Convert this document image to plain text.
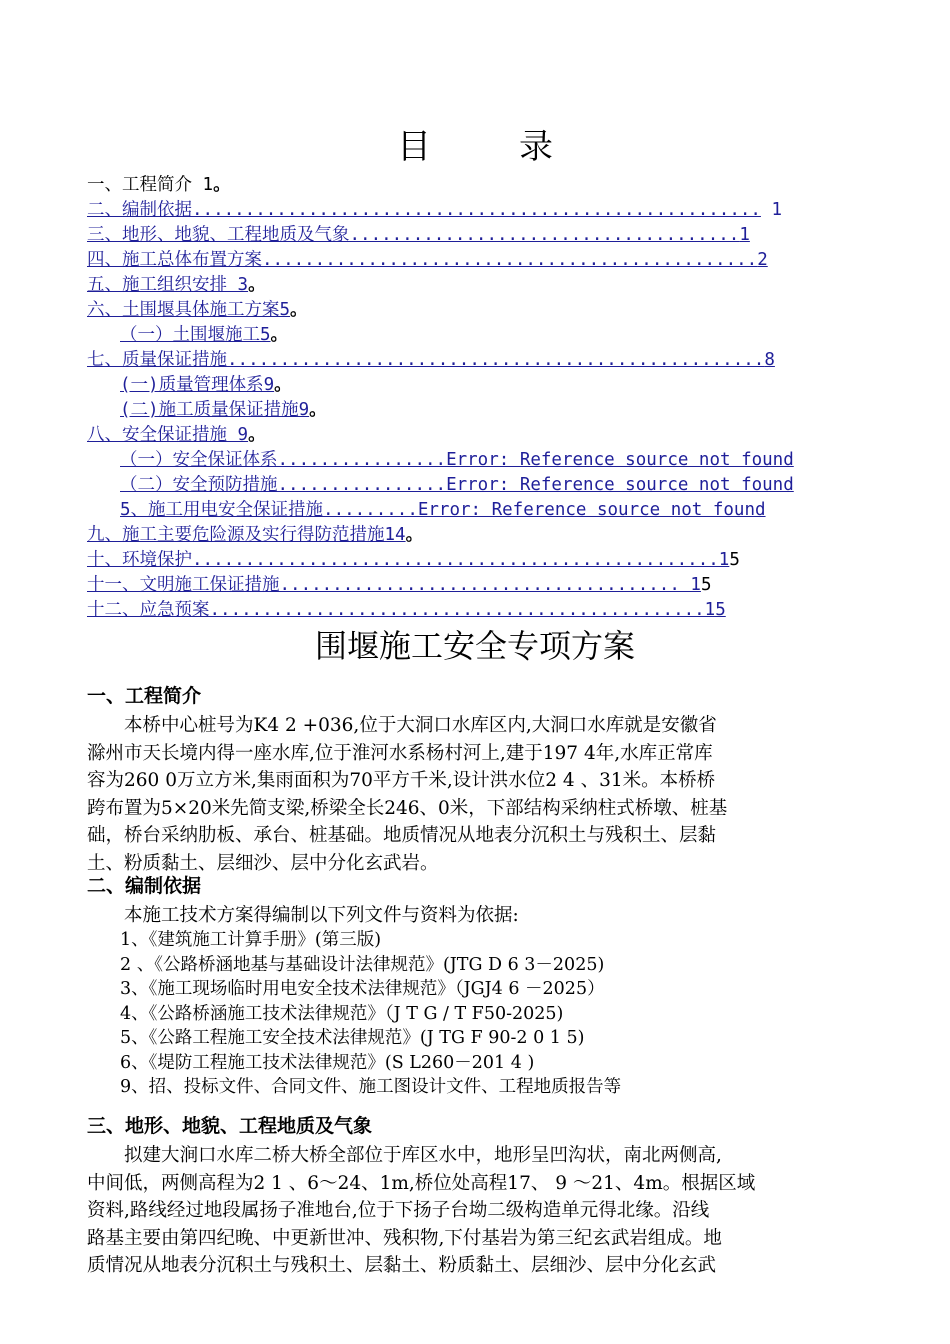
目录
一、工程简介 1。
二、编制依据...................................................... 1
三、地形、地貌、工程地质及气象.....................................1
四、施工总体布置方案...............................................2
五、施工组织安排 3。
六、土围堰具体施工方案5。
（一）土围堰施工5。
七、质量保证措施...................................................8
(一)质量管理体系9。
(二)施工质量保证措施9。
八、安全保证措施 9。
（一）安全保证体系................Error: Reference source not found
（二）安全预防措施................Error: Reference source not found
5、施工用电安全保证措施.........Error: Reference source not found
九、施工主要危险源及实行得防范措施14。
十、环境保护..................................................15
十一、文明施工保证措施...................................... 15
十二、应急预案...............................................15
围堰施工安全专项方案
一、工程简介
　　本桥中心桩号为K4 2 +036,位于大洞口水库区内,大洞口水库就是安徽省
滁州市天长境内得一座水库,位于淮河水系杨村河上,建于197 4年,水库正常库
容为260 0万立方米,集雨面积为70平方千米,设计洪水位2 4 、31米。本桥桥
跨布置为5×20米先简支梁,桥梁全长246、0米，下部结构采纳柱式桥墩、桩基
础，桥台采纳肋板、承台、桩基础。地质情况从地表分沉积土与残积土、层黏
土、粉质黏土、层细沙、层中分化玄武岩。
二、编制依据
　　本施工技术方案得编制以下列文件与资料为依据:
1、《建筑施工计算手册》(第三版)
2 、《公路桥涵地基与基础设计法律规范》(JTG D 6 3－2025)
3、《施工现场临时用电安全技术法律规范》（JGJ4 6 －2025）
4、《公路桥涵施工技术法律规范》（J T G / T F50-2025)
5、《公路工程施工安全技术法律规范》(J TG F 90-2 0 1 5)
6、《堤防工程施工技术法律规范》(S L260－201 4 )
9、招、投标文件、合同文件、施工图设计文件、工程地质报告等
三、地形、地貌、工程地质及气象
　　拟建大涧口水库二桥大桥全部位于库区水中，地形呈凹沟状，南北两侧高,
中间低，两侧高程为2 1 、6～24、1m,桥位处高程17、 9 ～21、4m。根据区域
资料,路线经过地段属扬子准地台,位于下扬子台坳二级构造单元得北缘。沿线
路基主要由第四纪晚、中更新世冲、残积物,下付基岩为第三纪玄武岩组成。地
质情况从地表分沉积土与残积土、层黏土、粉质黏土、层细沙、层中分化玄武
